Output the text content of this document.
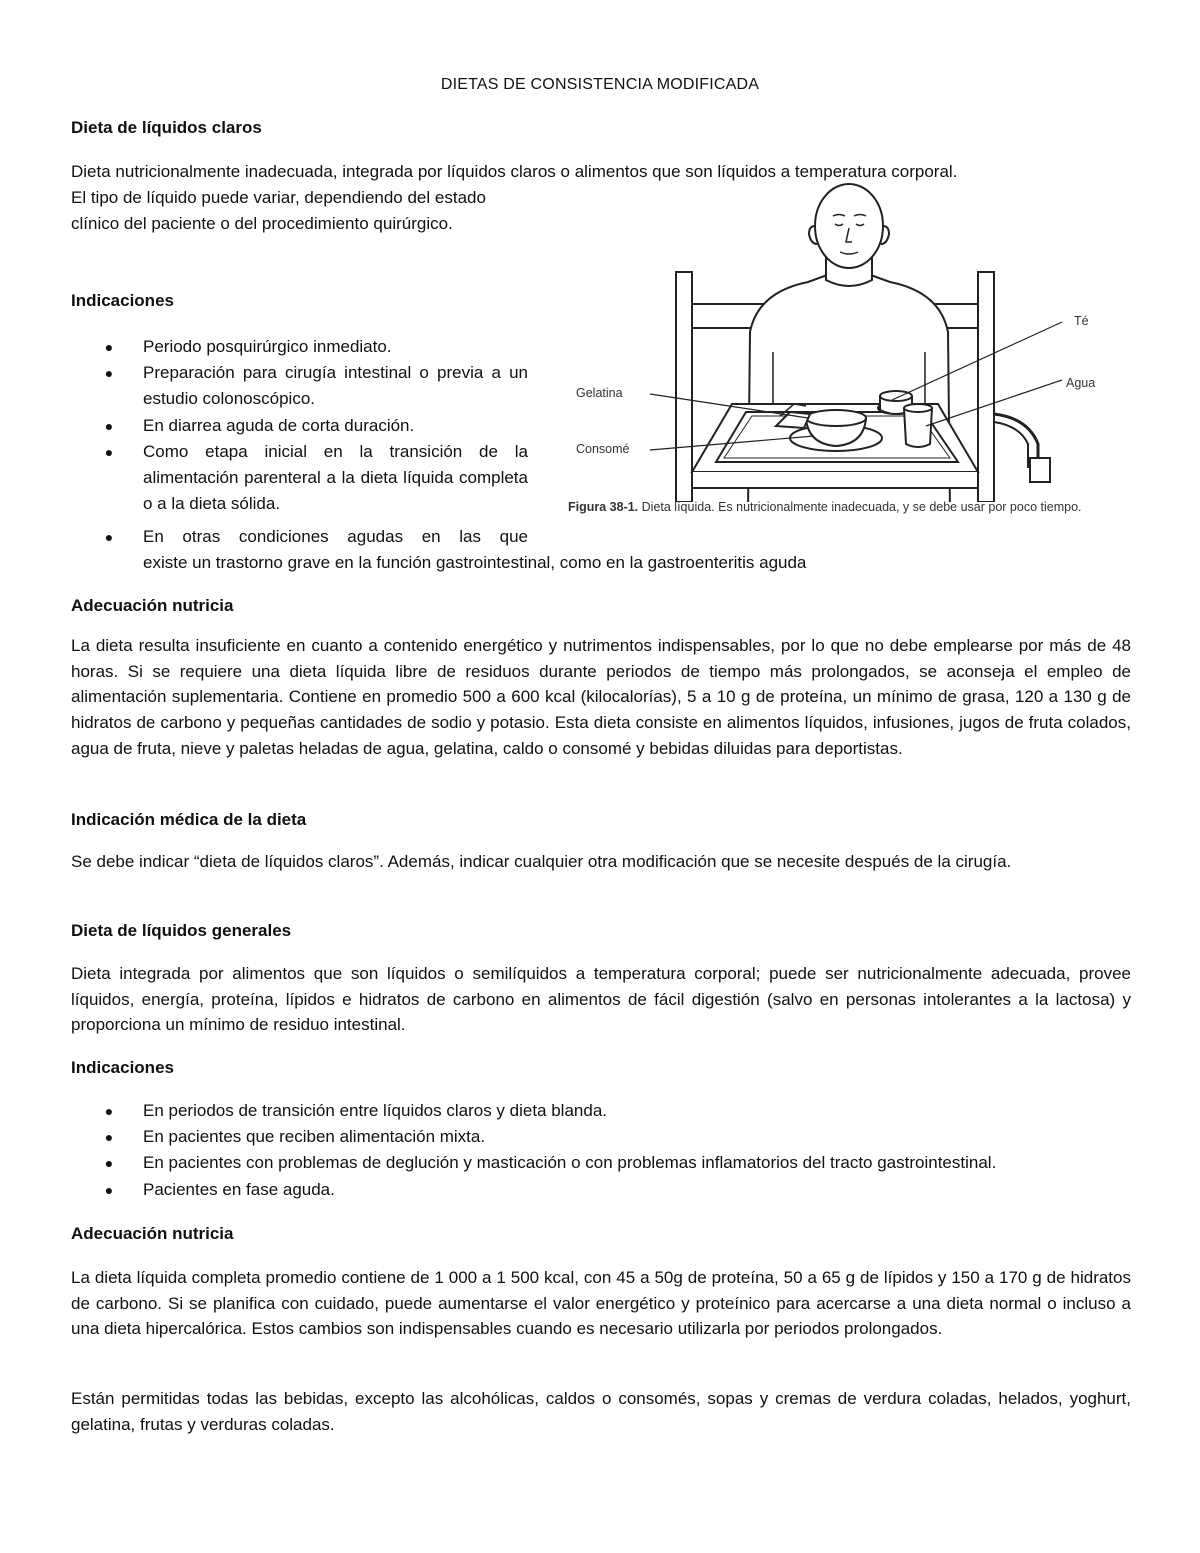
DIETAS DE CONSISTENCIA MODIFICADA
Dieta de líquidos claros

Dieta nutricionalmente inadecuada, integrada por líquidos claros o alimentos que son líquidos a temperatura corporal.

El tipo de líquido puede variar, dependiendo del estado clínico del paciente o del procedimiento quirúrgico.

Indicaciones
● Periodo posquirúrgico inmediato.
● Preparación para cirugía intestinal o previa a un estudio colonoscópico.
● En diarrea aguda de corta duración.
● Como etapa inicial en la transición de la alimentación parenteral a la dieta líquida completa o a la dieta sólida.
● En otras condiciones agudas en las que
existe un trastorno grave en la función gastrointestinal, como en la gastroenteritis aguda
Té
Agua
Gelatina
Consomé
Figura 38-1. Dieta líquida. Es nutricionalmente inadecuada, y se debe usar por poco tiempo.
Adecuación nutricia

La dieta resulta insuficiente en cuanto a contenido energético y nutrimentos indispensables, por lo que no debe emplearse por más de 48 horas. Si se requiere una dieta líquida libre de residuos durante periodos de tiempo más prolongados, se aconseja el empleo de alimentación suplementaria. Contiene en promedio 500 a 600 kcal (kilocalorías), 5 a 10 g de proteína, un mínimo de grasa, 120 a 130 g de hidratos de carbono y pequeñas cantidades de sodio y potasio. Esta dieta consiste en alimentos líquidos, infusiones, jugos de fruta colados, agua de fruta, nieve y paletas heladas de agua, gelatina, caldo o consomé y bebidas diluidas para deportistas.

Indicación médica de la dieta

Se debe indicar “dieta de líquidos claros”. Además, indicar cualquier otra modificación que se necesite después de la cirugía.

Dieta de líquidos generales

Dieta integrada por alimentos que son líquidos o semilíquidos a temperatura corporal; puede ser nutricionalmente adecuada, provee líquidos, energía, proteína, lípidos e hidratos de carbono en alimentos de fácil digestión (salvo en personas intolerantes a la lactosa) y proporciona un mínimo de residuo intestinal.

Indicaciones
● En periodos de transición entre líquidos claros y dieta blanda.
● En pacientes que reciben alimentación mixta.
● En pacientes con problemas de deglución y masticación o con problemas inflamatorios del tracto gastrointestinal.
● Pacientes en fase aguda.
Adecuación nutricia

La dieta líquida completa promedio contiene de 1 000 a 1 500 kcal, con 45 a 50g de proteína, 50 a 65 g de lípidos y 150 a 170 g de hidratos de carbono. Si se planifica con cuidado, puede aumentarse el valor energético y proteínico para acercarse a una dieta normal o incluso a una dieta hipercalórica. Estos cambios son indispensables cuando es necesario utilizarla por periodos prolongados.

Están permitidas todas las bebidas, excepto las alcohólicas, caldos o consomés, sopas y cremas de verdura coladas, helados, yoghurt, gelatina, frutas y verduras coladas.
